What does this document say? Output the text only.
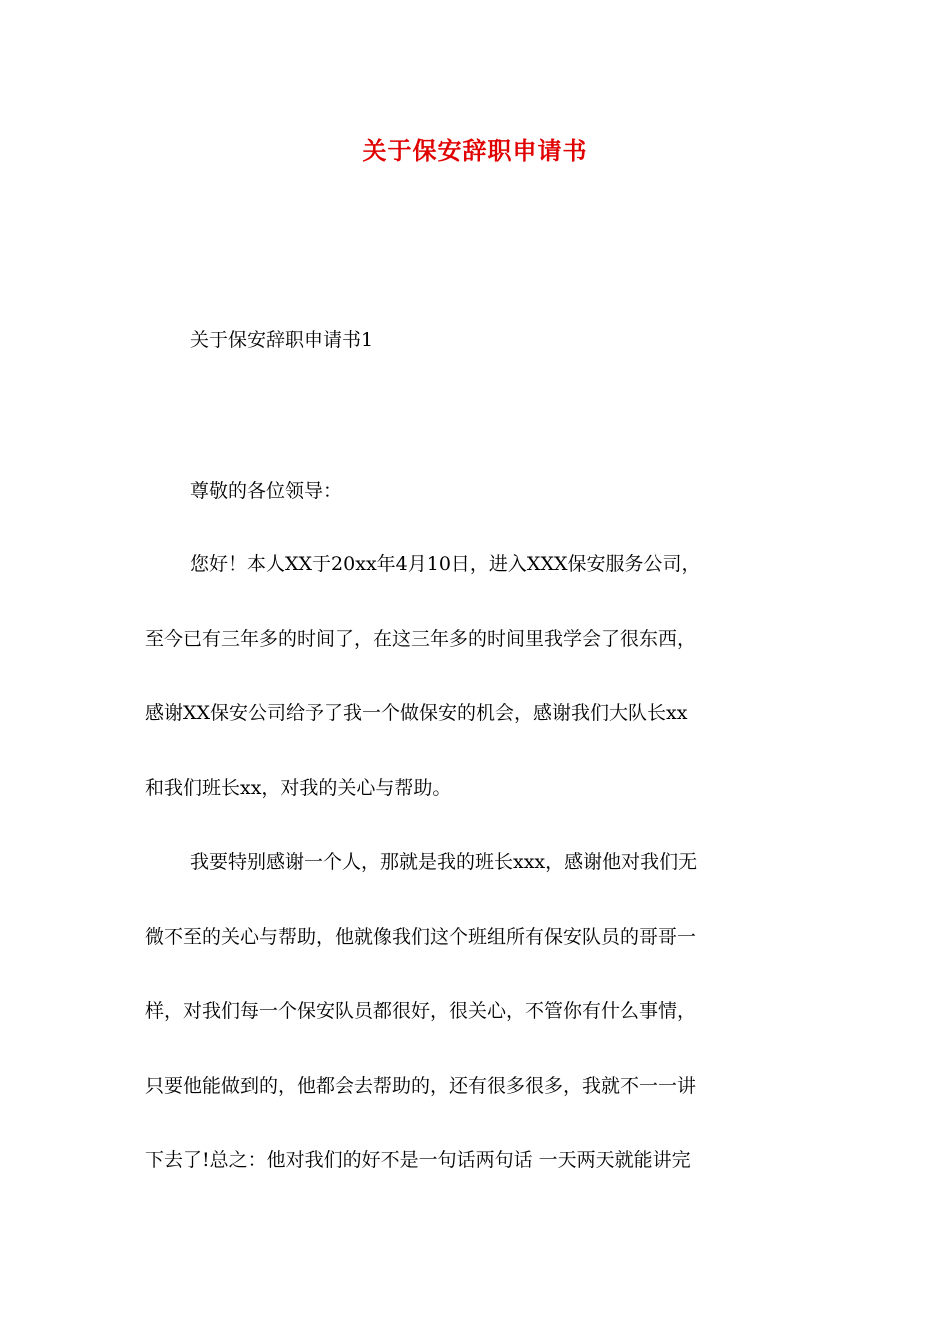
关于保安辞职申请书

关于保安辞职申请书1

尊敬的各位领导：

您好！本人XX于20xx年4月10日，进入XXX保安服务公司，

至今已有三年多的时间了，在这三年多的时间里我学会了很东西，

感谢XX保安公司给予了我一个做保安的机会，感谢我们大队长xx

和我们班长xx，对我的关心与帮助。

我要特别感谢一个人，那就是我的班长xxx，感谢他对我们无

微不至的关心与帮助，他就像我们这个班组所有保安队员的哥哥一

样，对我们每一个保安队员都很好，很关心，不管你有什么事情，

只要他能做到的，他都会去帮助的，还有很多很多，我就不一一讲

下去了!总之：他对我们的好不是一句话两句话 一天两天就能讲完
